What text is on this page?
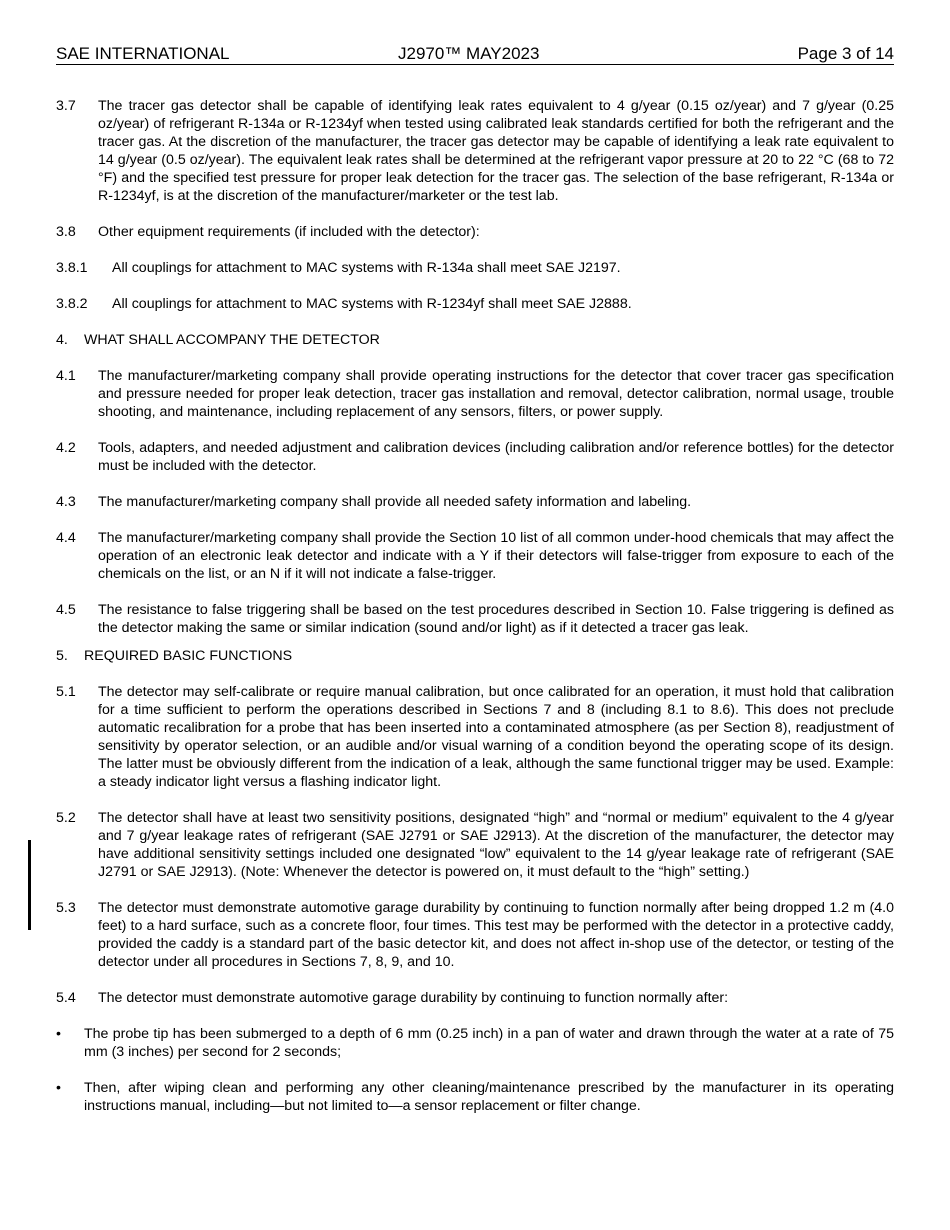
SAE INTERNATIONAL	J2970™ MAY2023	Page 3 of 14
3.7 The tracer gas detector shall be capable of identifying leak rates equivalent to 4 g/year (0.15 oz/year) and 7 g/year (0.25 oz/year) of refrigerant R-134a or R-1234yf when tested using calibrated leak standards certified for both the refrigerant and the tracer gas. At the discretion of the manufacturer, the tracer gas detector may be capable of identifying a leak rate equivalent to 14 g/year (0.5 oz/year). The equivalent leak rates shall be determined at the refrigerant vapor pressure at 20 to 22 °C (68 to 72 °F) and the specified test pressure for proper leak detection for the tracer gas. The selection of the base refrigerant, R-134a or R-1234yf, is at the discretion of the manufacturer/marketer or the test lab.
3.8 Other equipment requirements (if included with the detector):
3.8.1 All couplings for attachment to MAC systems with R-134a shall meet SAE J2197.
3.8.2 All couplings for attachment to MAC systems with R-1234yf shall meet SAE J2888.
4. WHAT SHALL ACCOMPANY THE DETECTOR
4.1 The manufacturer/marketing company shall provide operating instructions for the detector that cover tracer gas specification and pressure needed for proper leak detection, tracer gas installation and removal, detector calibration, normal usage, trouble shooting, and maintenance, including replacement of any sensors, filters, or power supply.
4.2 Tools, adapters, and needed adjustment and calibration devices (including calibration and/or reference bottles) for the detector must be included with the detector.
4.3 The manufacturer/marketing company shall provide all needed safety information and labeling.
4.4 The manufacturer/marketing company shall provide the Section 10 list of all common under-hood chemicals that may affect the operation of an electronic leak detector and indicate with a Y if their detectors will false-trigger from exposure to each of the chemicals on the list, or an N if it will not indicate a false-trigger.
4.5 The resistance to false triggering shall be based on the test procedures described in Section 10. False triggering is defined as the detector making the same or similar indication (sound and/or light) as if it detected a tracer gas leak.
5. REQUIRED BASIC FUNCTIONS
5.1 The detector may self-calibrate or require manual calibration, but once calibrated for an operation, it must hold that calibration for a time sufficient to perform the operations described in Sections 7 and 8 (including 8.1 to 8.6). This does not preclude automatic recalibration for a probe that has been inserted into a contaminated atmosphere (as per Section 8), readjustment of sensitivity by operator selection, or an audible and/or visual warning of a condition beyond the operating scope of its design. The latter must be obviously different from the indication of a leak, although the same functional trigger may be used. Example: a steady indicator light versus a flashing indicator light.
5.2 The detector shall have at least two sensitivity positions, designated “high” and “normal or medium” equivalent to the 4 g/year and 7 g/year leakage rates of refrigerant (SAE J2791 or SAE J2913). At the discretion of the manufacturer, the detector may have additional sensitivity settings included one designated “low” equivalent to the 14 g/year leakage rate of refrigerant (SAE J2791 or SAE J2913). (Note: Whenever the detector is powered on, it must default to the “high” setting.)
5.3 The detector must demonstrate automotive garage durability by continuing to function normally after being dropped 1.2 m (4.0 feet) to a hard surface, such as a concrete floor, four times. This test may be performed with the detector in a protective caddy, provided the caddy is a standard part of the basic detector kit, and does not affect in-shop use of the detector, or testing of the detector under all procedures in Sections 7, 8, 9, and 10.
5.4 The detector must demonstrate automotive garage durability by continuing to function normally after:
• The probe tip has been submerged to a depth of 6 mm (0.25 inch) in a pan of water and drawn through the water at a rate of 75 mm (3 inches) per second for 2 seconds;
• Then, after wiping clean and performing any other cleaning/maintenance prescribed by the manufacturer in its operating instructions manual, including—but not limited to—a sensor replacement or filter change.
